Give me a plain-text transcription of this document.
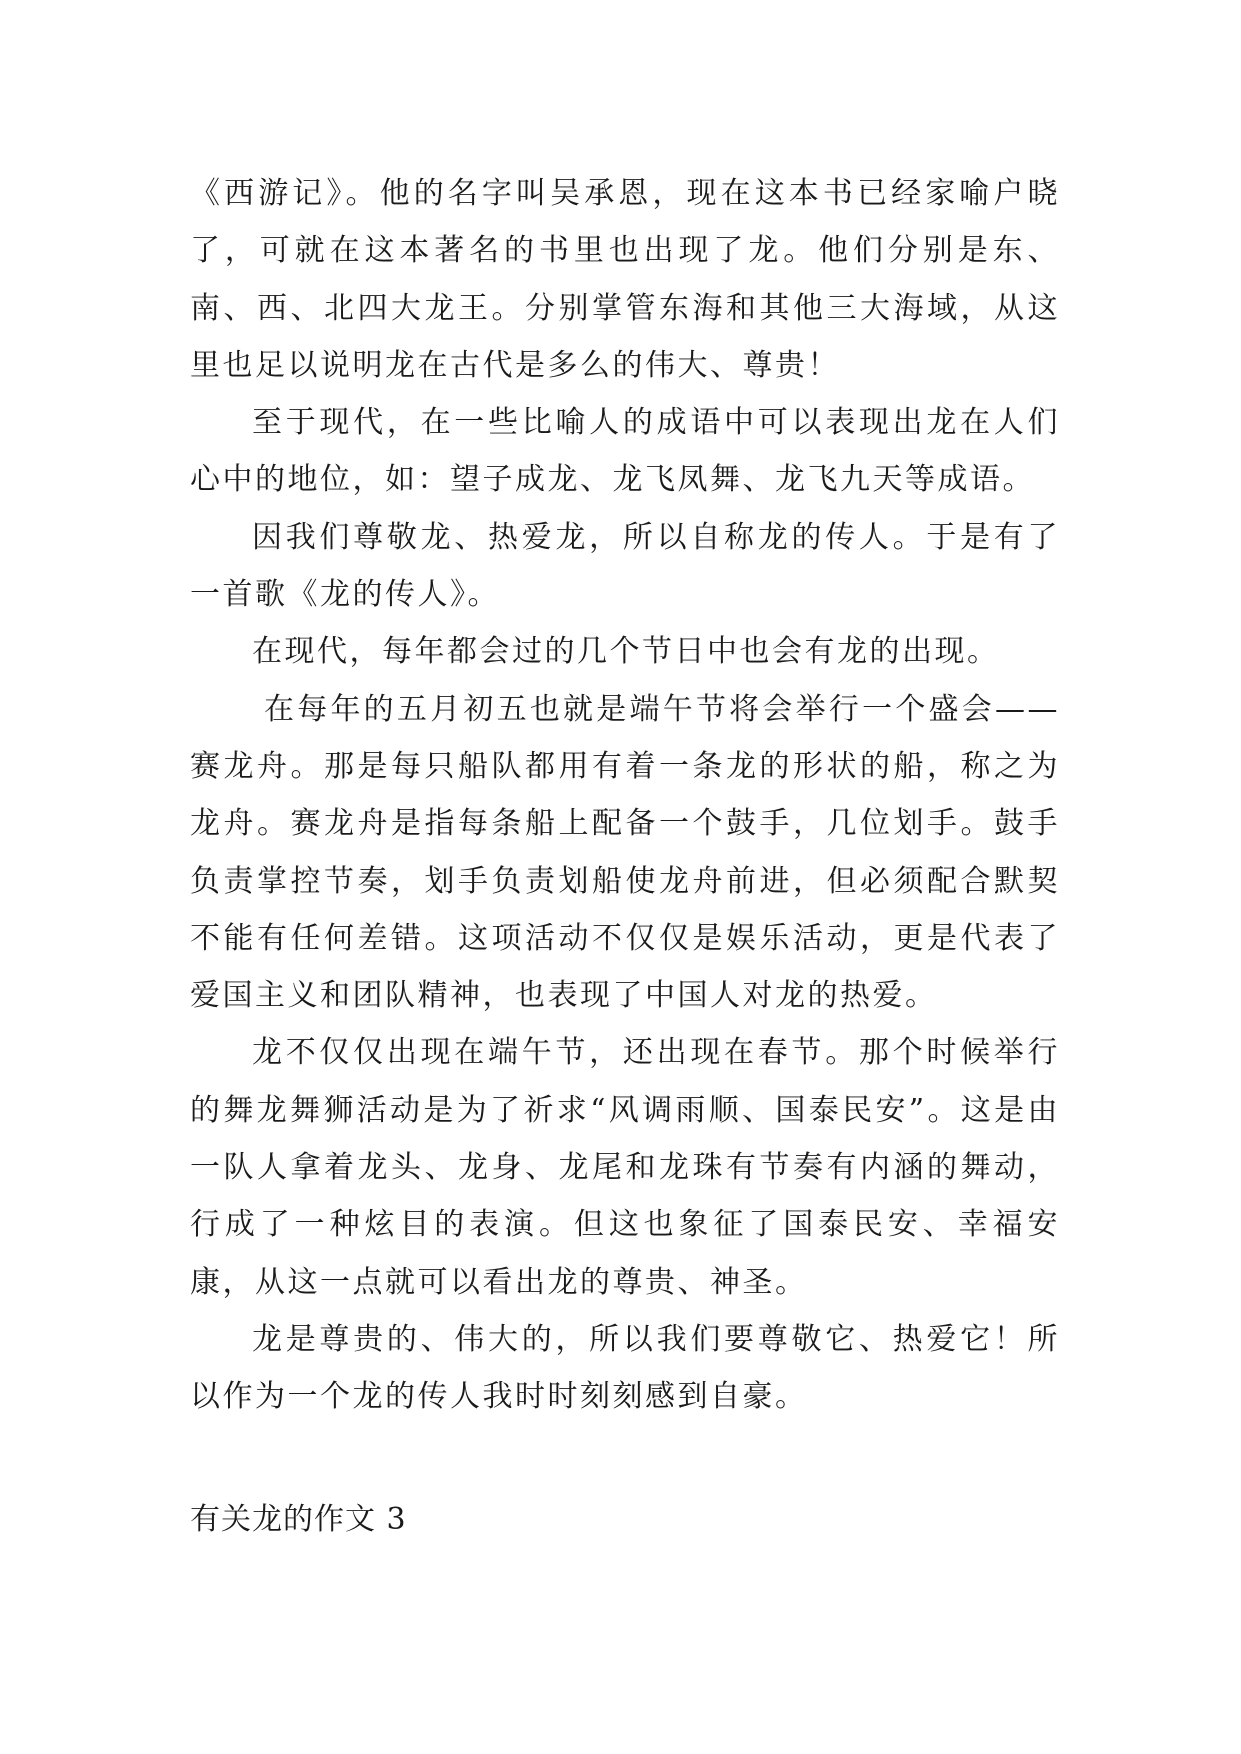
《西游记》。他的名字叫吴承恩，现在这本书已经家喻户晓了，可就在这本著名的书里也出现了龙。他们分别是东、南、西、北四大龙王。分别掌管东海和其他三大海域，从这里也足以说明龙在古代是多么的伟大、尊贵！

至于现代，在一些比喻人的成语中可以表现出龙在人们心中的地位，如：望子成龙、龙飞凤舞、龙飞九天等成语。

因我们尊敬龙、热爱龙，所以自称龙的传人。于是有了一首歌《龙的传人》。

在现代，每年都会过的几个节日中也会有龙的出现。

在每年的五月初五也就是端午节将会举行一个盛会——赛龙舟。那是每只船队都用有着一条龙的形状的船，称之为龙舟。赛龙舟是指每条船上配备一个鼓手，几位划手。鼓手负责掌控节奏，划手负责划船使龙舟前进，但必须配合默契不能有任何差错。这项活动不仅仅是娱乐活动，更是代表了爱国主义和团队精神，也表现了中国人对龙的热爱。

龙不仅仅出现在端午节，还出现在春节。那个时候举行的舞龙舞狮活动是为了祈求“风调雨顺、国泰民安”。这是由一队人拿着龙头、龙身、龙尾和龙珠有节奏有内涵的舞动，行成了一种炫目的表演。但这也象征了国泰民安、幸福安康，从这一点就可以看出龙的尊贵、神圣。

龙是尊贵的、伟大的，所以我们要尊敬它、热爱它！所以作为一个龙的传人我时时刻刻感到自豪。

有关龙的作文 3
